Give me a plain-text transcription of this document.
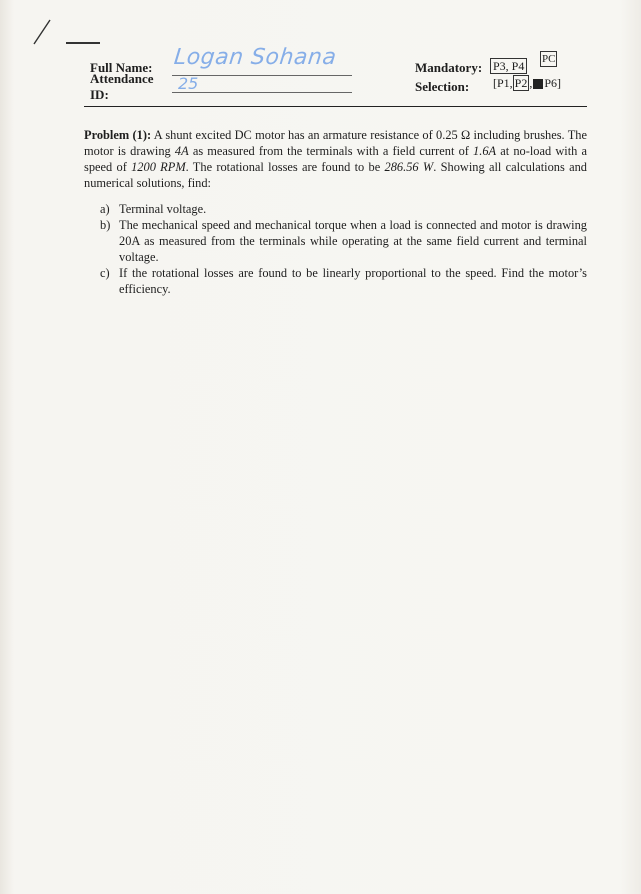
Full Name:
Attendance ID:
Logan Sohana
25
Mandatory:
Selection:
P3, P4 PC
[P1, P2 , P6]
Problem (1): A shunt excited DC motor has an armature resistance of 0.25 Ω including brushes. The motor is drawing 4A as measured from the terminals with a field current of 1.6A at no-load with a speed of 1200 RPM. The rotational losses are found to be 286.56 W. Showing all calculations and numerical solutions, find:
a) Terminal voltage.
b) The mechanical speed and mechanical torque when a load is connected and motor is drawing 20A as measured from the terminals while operating at the same field current and terminal voltage.
c) If the rotational losses are found to be linearly proportional to the speed. Find the motor’s efficiency.
